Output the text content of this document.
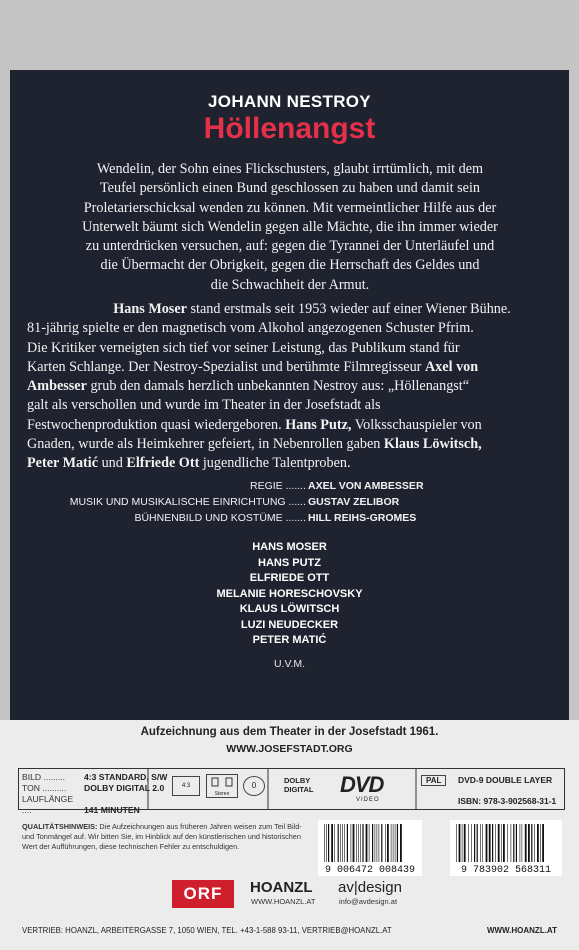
JOHANN NESTROY
Höllenangst
Wendelin, der Sohn eines Flickschusters, glaubt irrtümlich, mit dem
Teufel persönlich einen Bund geschlossen zu haben und damit sein
Proletarierschicksal wenden zu können. Mit vermeintlicher Hilfe aus der
Unterwelt bäumt sich Wendelin gegen alle Mächte, die ihn immer wieder
zu unterdrücken versuchen, auf: gegen die Tyrannei der Unterläufel und
die Übermacht der Obrigkeit, gegen die Herrschaft des Geldes und
die Schwachheit der Armut.
Hans Moser stand erstmals seit 1953 wieder auf einer Wiener Bühne.
81-jährig spielte er den magnetisch vom Alkohol angezogenen Schuster Pfrim.
Die Kritiker verneigten sich tief vor seiner Leistung, das Publikum stand für
Karten Schlange. Der Nestroy-Spezialist und berühmte Filmregisseur Axel von
Ambesser grub den damals herzlich unbekannten Nestroy aus: „Höllenangst“
galt als verschollen und wurde im Theater in der Josefstadt als
Festwochenproduktion quasi wiedergeboren. Hans Putz, Volksschauspieler von
Gnaden, wurde als Heimkehrer gefeiert, in Nebenrollen gaben Klaus Löwitsch,
Peter Matić und Elfriede Ott jugendliche Talentproben.
REGIE ....... AXEL VON AMBESSER
MUSIK UND MUSIKALISCHE EINRICHTUNG ...... GUSTAV ZELIBOR
BÜHNENBILD UND KOSTÜME ....... HILL REIHS-GROMES
HANS MOSER
HANS PUTZ
ELFRIEDE OTT
MELANIE HORESCHOVSKY
KLAUS LÖWITSCH
LUZI NEUDECKER
PETER MATIĆ
U.V.M.
Aufzeichnung aus dem Theater in der Josefstadt 1961.
WWW.JOSEFSTADT.ORG
BILD ......... 4:3 STANDARD, S/W
TON .......... DOLBY DIGITAL 2.0
LAUFLÄNGE ....	141 MINUTEN
4:3
Stereo
0
DOLBY
DIGITAL DVD
VIDEO
PAL	DVD-9 DOUBLE LAYER
ISBN: 978-3-902568-31-1
QUALITÄTSHINWEIS: Die Aufzeichnungen aus früheren Jahren weisen zum Teil Bild- und Tonmängel auf. Wir bitten Sie, im Hinblick auf den künstlerischen und historischen Wert der Aufführungen, diese technischen Fehler zu entschuldigen.
9 006472 008439	9 783902 568311
ORF	HOANZL
WWW.HOANZL.AT
av|design
info@avdesign.at
VERTRIEB: HOANZL, ARBEITERGASSE 7, 1050 WIEN, TEL. +43-1-588 93-11, VERTRIEB@HOANZL.AT	WWW.HOANZL.AT
